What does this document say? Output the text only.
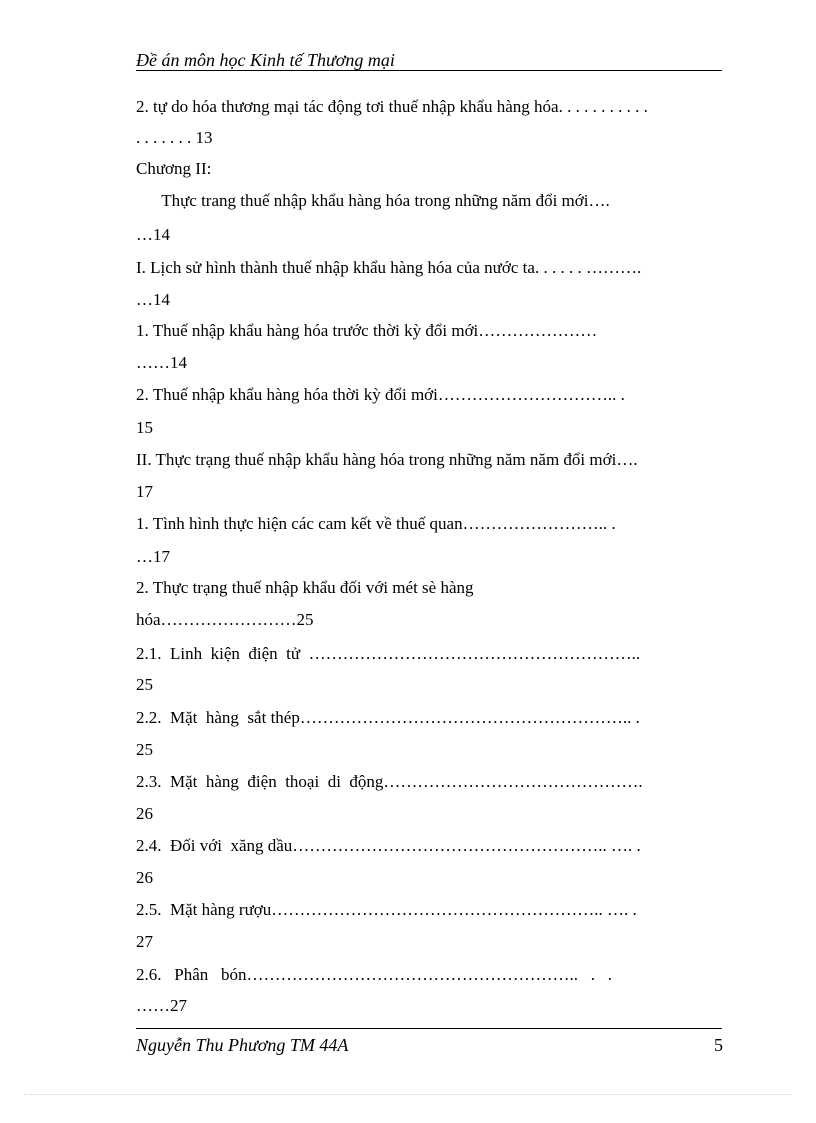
Đề án môn học Kinh tế Thương mại
2. tự do hóa thương mại tác động tơi thuế nhập khẩu hàng hóa. . . . . . . . . . .
. . . . . . . 13
Chương II:
Thực trang thuế nhập khẩu hàng hóa trong những năm đổi mới….
…14
I. Lịch sử hình thành thuế nhập khẩu hàng hóa của nước ta. . . . . . ……….
…14
1. Thuế nhập khẩu hàng hóa trước thời kỳ đổi mới…………………
……14
2. Thuế nhập khẩu hàng hóa thời kỳ đổi mới………………………….. .
15
II. Thực trạng thuế nhập khẩu hàng hóa trong những năm năm đổi mới….
17
1. Tình hình thực hiện các cam kết về thuế quan…………………….. .
…17
2. Thực trạng thuế nhập khẩu đối với mét sè hàng
hóa……………………25
2.1.  Linh  kiện  điện  tử  …………………………………………………..
25
2.2.  Mặt  hàng  sắt thép………………………………………………….. .
25
2.3.  Mặt  hàng  điện  thoại  di  động……………………………………….
26
2.4.  Đối với  xăng dầu……………………………………………….. …. .
26
2.5.  Mặt hàng rượu………………………………………………….. …. .
27
2.6.   Phân   bón…………………………………………………..   .   .
……27
Nguyễn Thu Phương TM 44A	5
